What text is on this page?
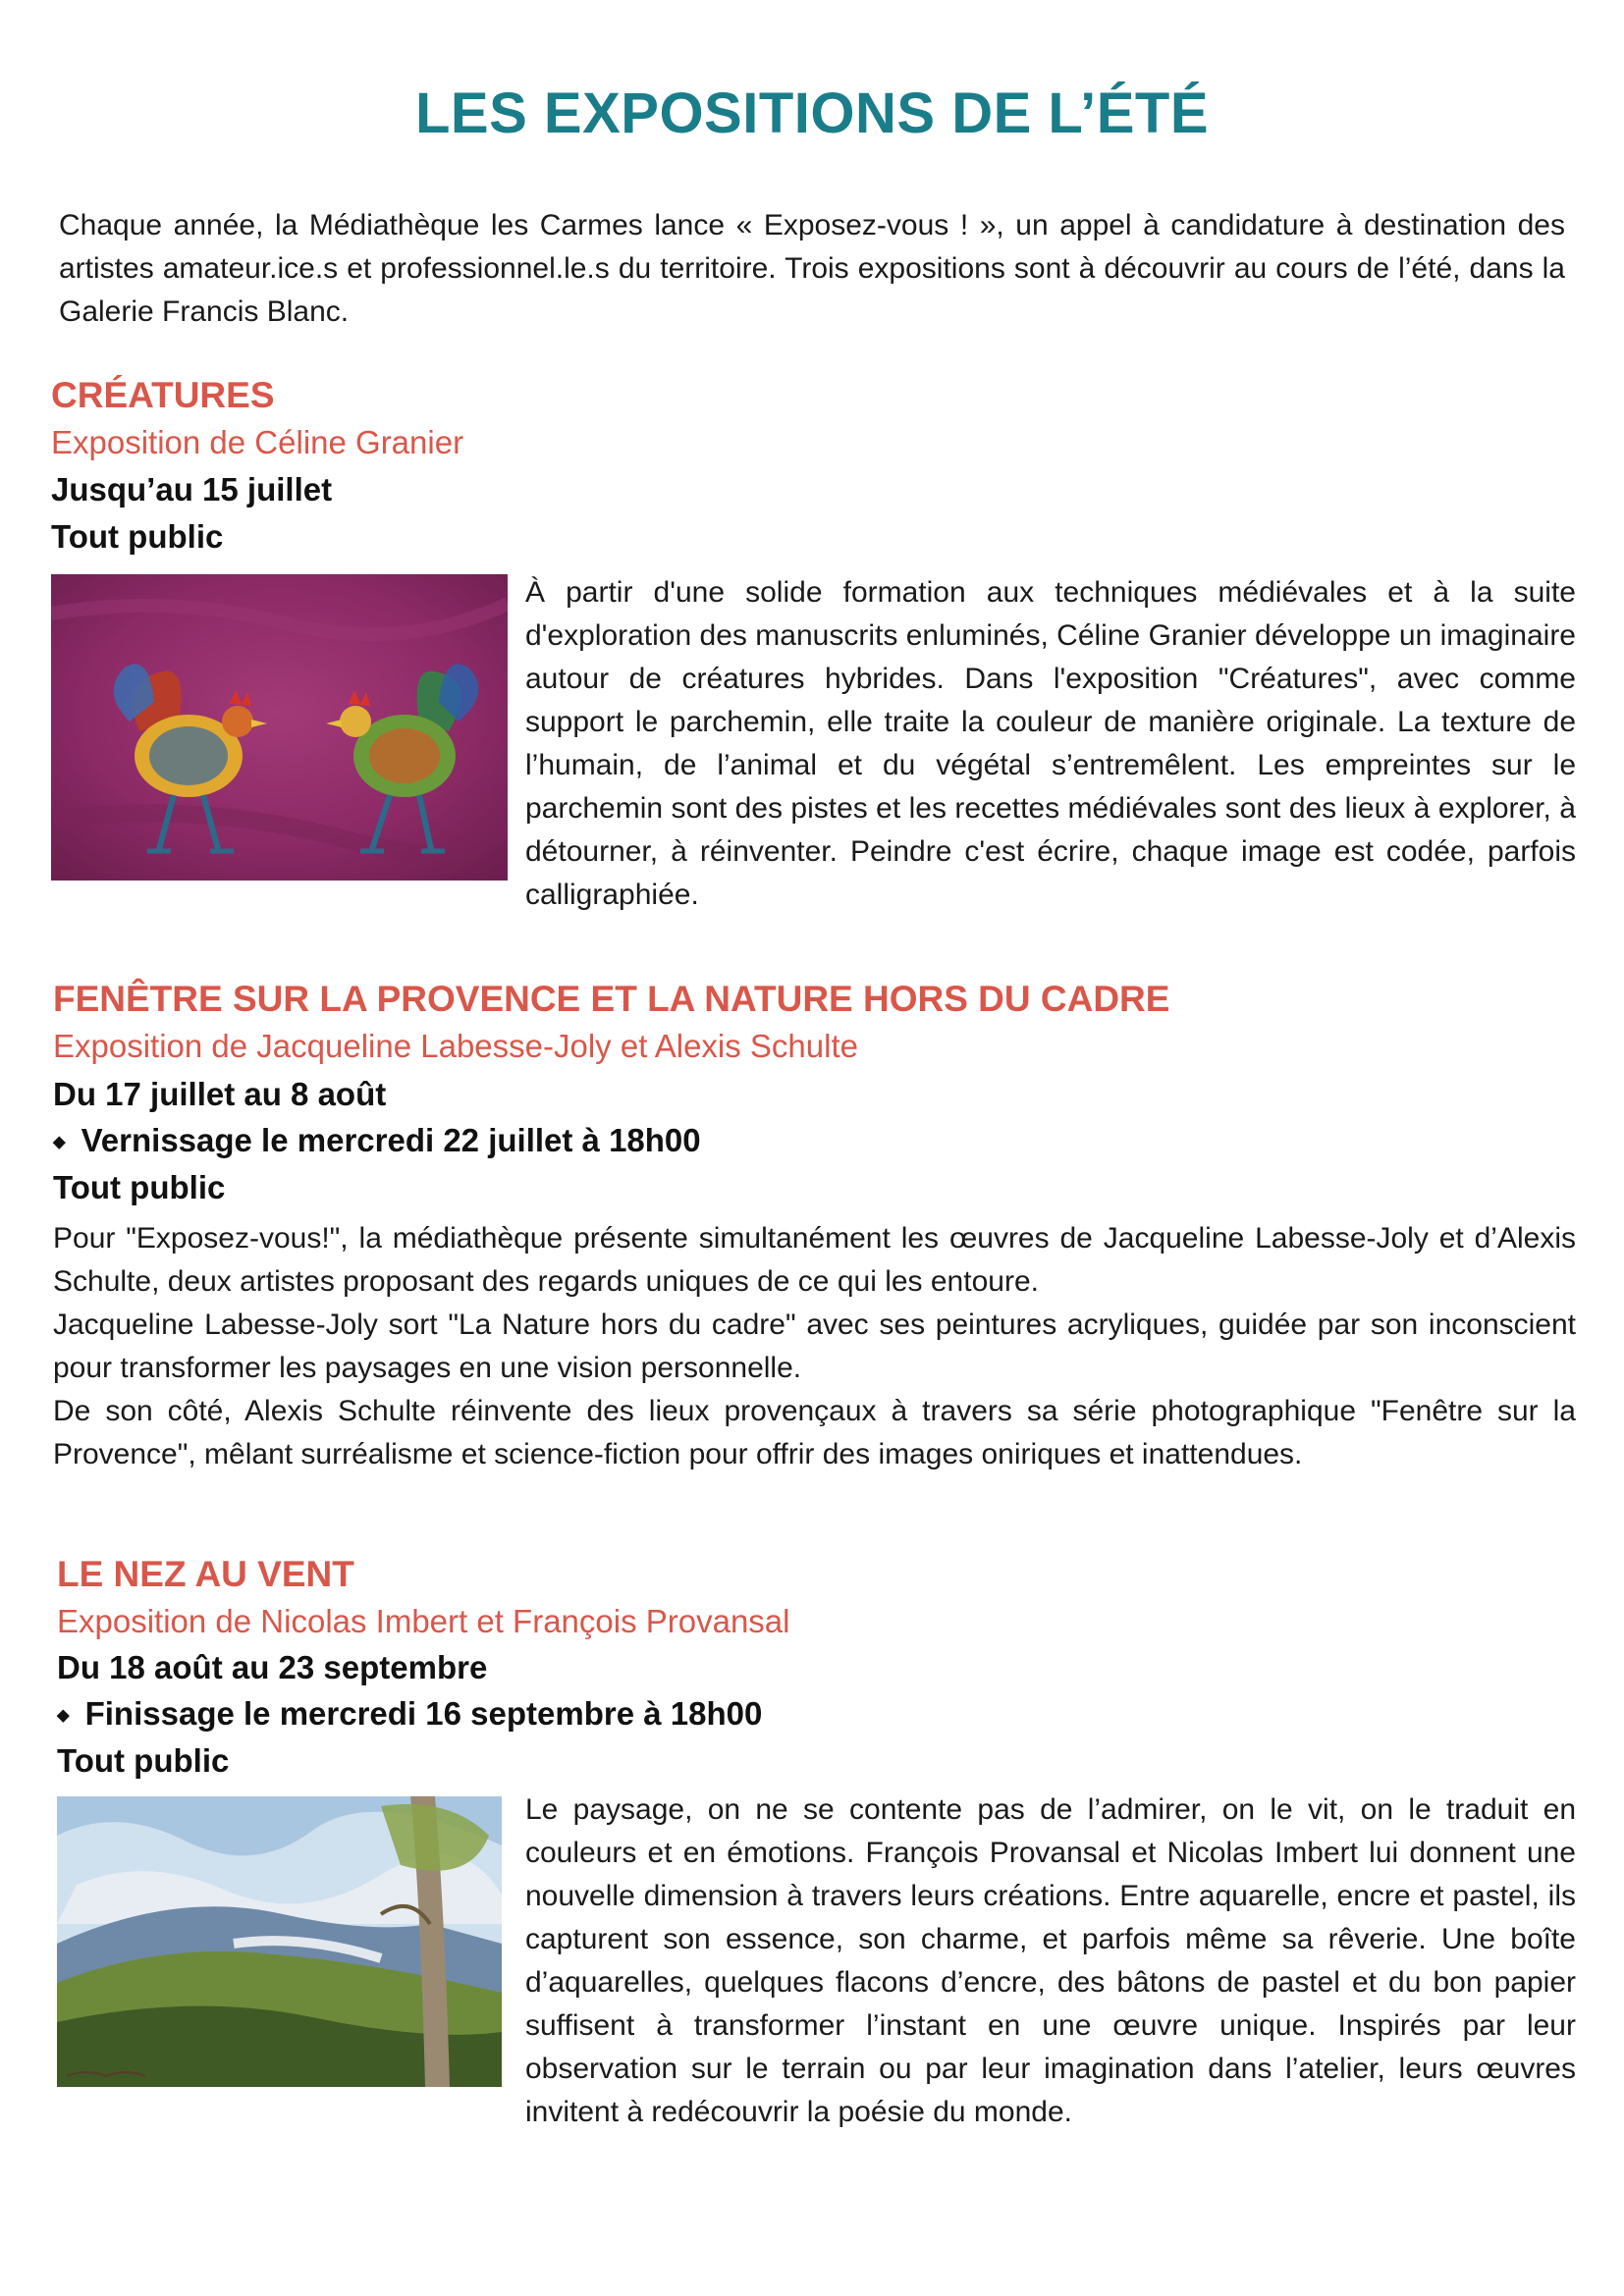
LES EXPOSITIONS DE L’ÉTÉ
Chaque année, la Médiathèque les Carmes lance « Exposez-vous ! », un appel à candidature à destination des artistes amateur.ice.s et professionnel.le.s du territoire. Trois expositions sont à découvrir au cours de l’été, dans la Galerie Francis Blanc.
CRÉATURES
Exposition de Céline Granier
Jusqu’au 15 juillet
Tout public
À partir d'une solide formation aux techniques médiévales et à la suite d'exploration des manuscrits enluminés, Céline Granier développe un imaginaire autour de créatures hybrides. Dans l'exposition "Créatures", avec comme support le parchemin, elle traite la couleur de manière originale. La texture de l’humain, de l’animal et du végétal s’entremêlent. Les empreintes sur le parchemin sont des pistes et les recettes médiévales sont des lieux à explorer, à détourner, à réinventer. Peindre c'est écrire, chaque image est codée, parfois calligraphiée.
FENÊTRE SUR LA PROVENCE ET LA NATURE HORS DU CADRE
Exposition de Jacqueline Labesse-Joly et Alexis Schulte
Du 17 juillet au 8 août
⬥ Vernissage le mercredi 22 juillet à 18h00
Tout public
Pour "Exposez-vous!", la médiathèque présente simultanément les œuvres de Jacqueline Labesse-Joly et d’Alexis Schulte, deux artistes proposant des regards uniques de ce qui les entoure.
Jacqueline Labesse-Joly sort "La Nature hors du cadre" avec ses peintures acryliques, guidée par son inconscient pour transformer les paysages en une vision personnelle.
De son côté, Alexis Schulte réinvente des lieux provençaux à travers sa série photographique "Fenêtre sur la Provence", mêlant surréalisme et science-fiction pour offrir des images oniriques et inattendues.
LE NEZ AU VENT
Exposition de Nicolas Imbert et François Provansal
Du 18 août au 23 septembre
⬥ Finissage le mercredi 16 septembre à 18h00
Tout public
Le paysage, on ne se contente pas de l’admirer, on le vit, on le traduit en couleurs et en émotions. François Provansal et Nicolas Imbert lui donnent une nouvelle dimension à travers leurs créations. Entre aquarelle, encre et pastel, ils capturent son essence, son charme, et parfois même sa rêverie. Une boîte d’aquarelles, quelques flacons d’encre, des bâtons de pastel et du bon papier suffisent à transformer l’instant en une œuvre unique. Inspirés par leur observation sur le terrain ou par leur imagination dans l’atelier, leurs œuvres invitent à redécouvrir la poésie du monde.
